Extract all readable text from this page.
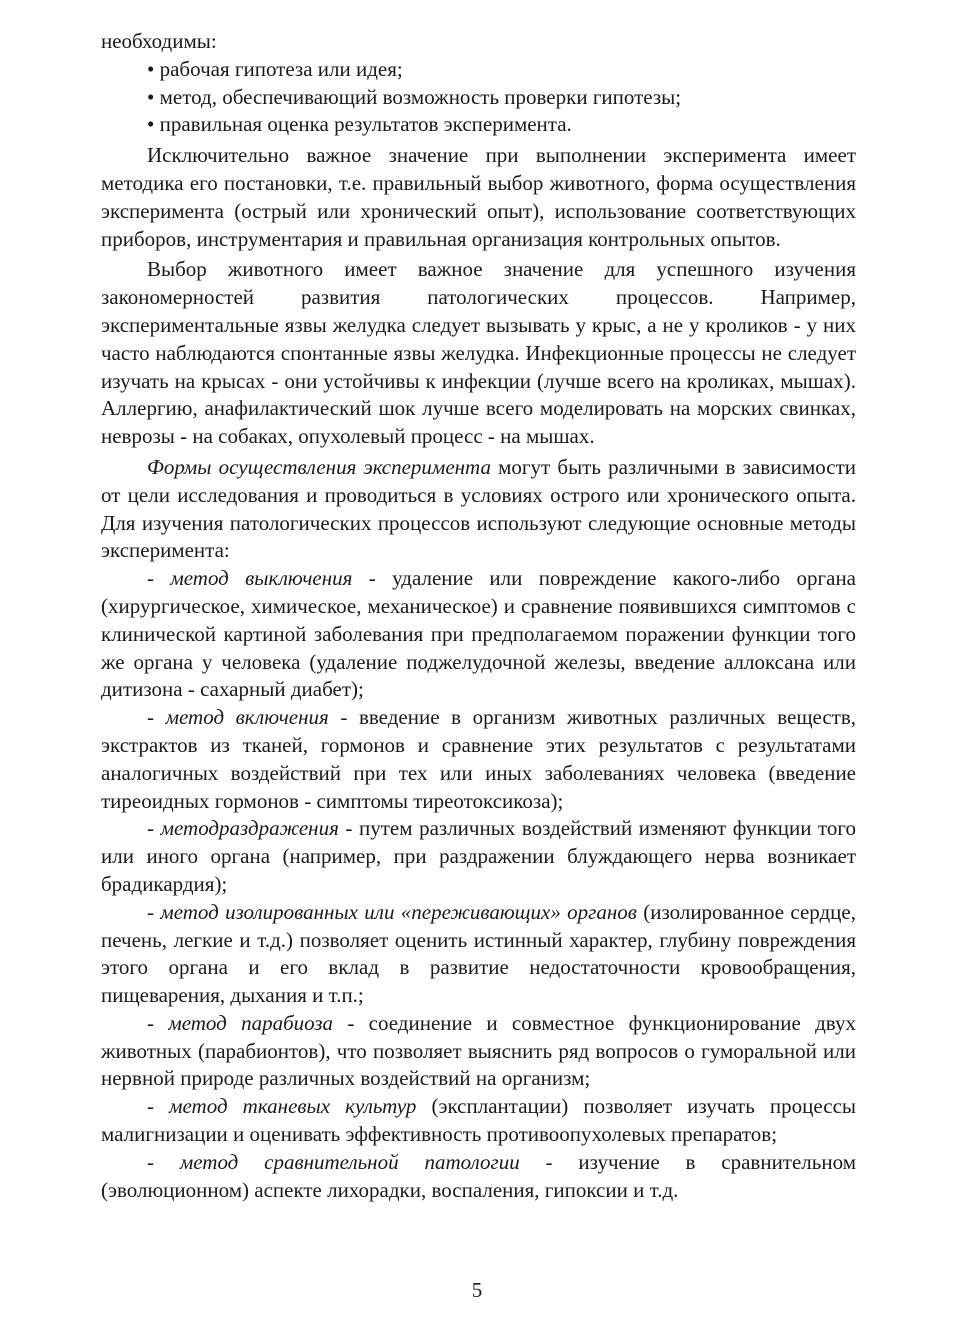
необходимы:

• рабочая гипотеза или идея;

• метод, обеспечивающий возможность проверки гипотезы;

• правильная оценка результатов эксперимента.

Исключительно важное значение при выполнении эксперимента имеет методика его постановки, т.е. правильный выбор животного, форма осуществления эксперимента (острый или хронический опыт), использование соответствующих приборов, инструментария и правильная организация контрольных опытов.

Выбор животного имеет важное значение для успешного изучения закономерностей развития патологических процессов. Например, экспериментальные язвы желудка следует вызывать у крыс, а не у кроликов - у них часто наблюдаются спонтанные язвы желудка. Инфекционные процессы не следует изучать на крысах - они устойчивы к инфекции (лучше всего на кроликах, мышах). Аллергию, анафилактический шок лучше всего моделировать на морских свинках, неврозы - на собаках, опухолевый процесс - на мышах.

Формы осуществления эксперимента могут быть различными в зависимости от цели исследования и проводиться в условиях острого или хронического опыта. Для изучения патологических процессов используют следующие основные методы эксперимента:

- метод выключения - удаление или повреждение какого-либо органа (хирургическое, химическое, механическое) и сравнение появившихся симптомов с клинической картиной заболевания при предполагаемом поражении функции того же органа у человека (удаление поджелудочной железы, введение аллоксана или дитизона - сахарный диабет);

- метод включения - введение в организм животных различных веществ, экстрактов из тканей, гормонов и сравнение этих результатов с результатами аналогичных воздействий при тех или иных заболеваниях человека (введение тиреоидных гормонов - симптомы тиреотоксикоза);

- методраздражения - путем различных воздействий изменяют функции того или иного органа (например, при раздражении блуждающего нерва возникает брадикардия);

- метод изолированных или «переживающих» органов (изолированное сердце, печень, легкие и т.д.) позволяет оценить истинный характер, глубину повреждения этого органа и его вклад в развитие недостаточности кровообращения, пищеварения, дыхания и т.п.;

- метод парабиоза - соединение и совместное функционирование двух животных (парабионтов), что позволяет выяснить ряд вопросов о гуморальной или нервной природе различных воздействий на организм;

- метод тканевых культур (эксплантации) позволяет изучать процессы малигнизации и оценивать эффективность противоопухолевых препаратов;

- метод сравнительной патологии - изучение в сравнительном (эволюционном) аспекте лихорадки, воспаления, гипоксии и т.д.

5
